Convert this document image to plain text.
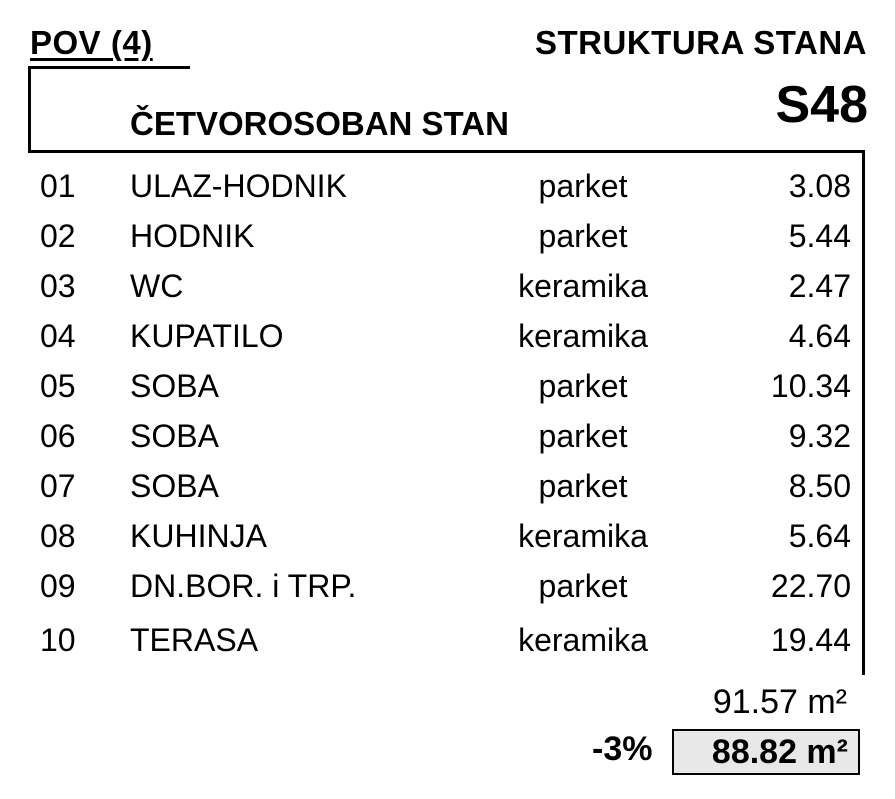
POV (4)	STRUKTURA STANA
S48
ČETVOROSOBAN STAN
01 ULAZ-HODNIK	parket	3.08
02 HODNIK	parket	5.44
03 WC	keramika	2.47
04 KUPATILO	keramika	4.64
05 SOBA	parket	10.34
06 SOBA	parket	9.32
07 SOBA	parket	8.50
08 KUHINJA	keramika	5.64
09 DN.BOR. i TRP.	parket	22.70
10 TERASA	keramika	19.44
91.57 m²
-3% 88.82 m²
